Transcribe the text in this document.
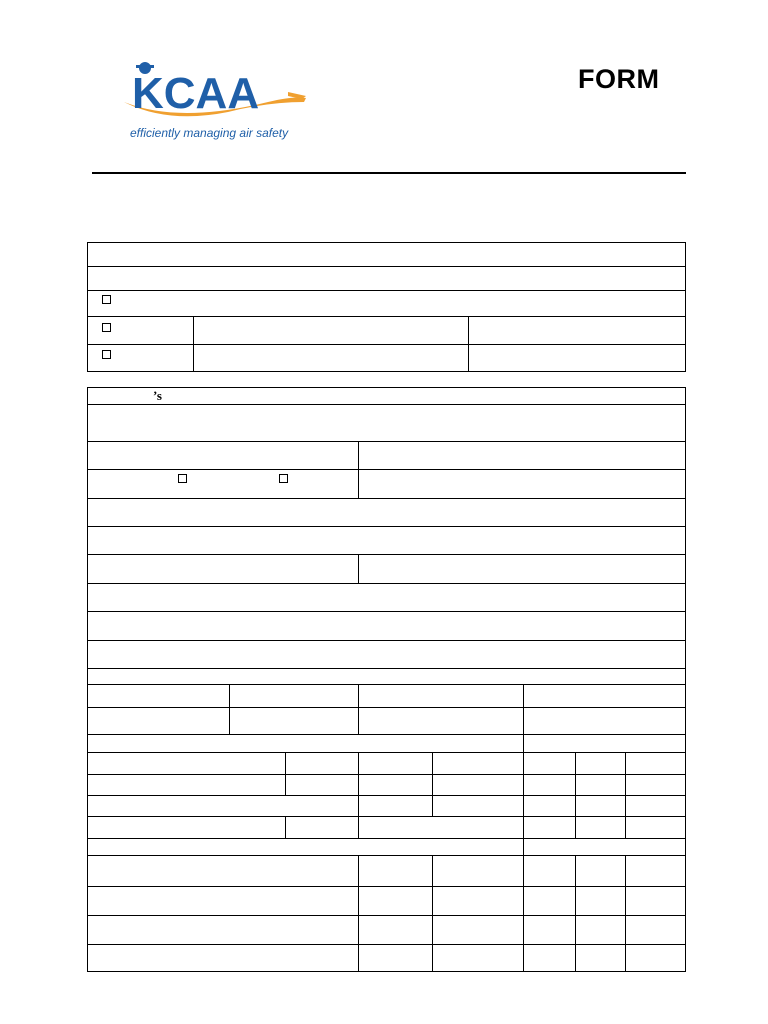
KCAA
efficiently managing air safety
FORM
’s
